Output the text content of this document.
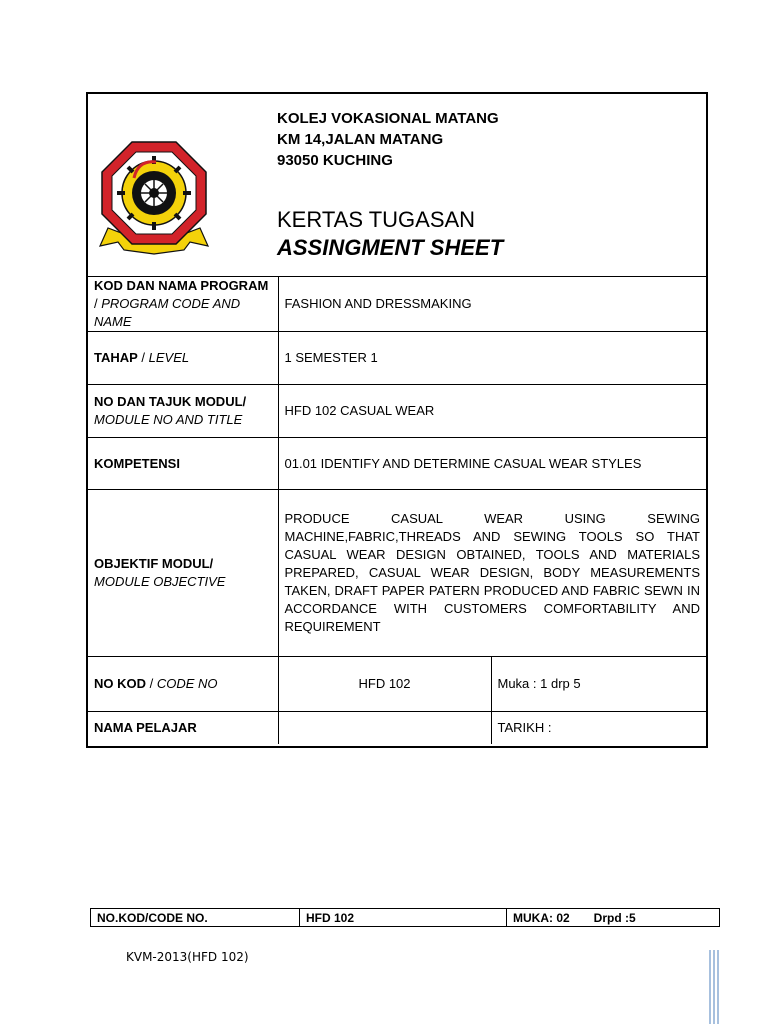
KOLEJ VOKASIONAL MATANG
KM 14,JALAN MATANG
93050 KUCHING
KERTAS TUGASAN
ASSINGMENT SHEET
KOD DAN NAMA PROGRAM / PROGRAM CODE AND NAME	FASHION AND DRESSMAKING	
TAHAP / LEVEL	1 SEMESTER 1	
NO DAN TAJUK MODUL/
MODULE NO AND TITLE	HFD 102 CASUAL WEAR	
KOMPETENSI	01.01 IDENTIFY AND DETERMINE CASUAL WEAR STYLES	
OBJEKTIF MODUL/
MODULE OBJECTIVE	PRODUCE CASUAL WEAR USING SEWING MACHINE,FABRIC,THREADS AND SEWING TOOLS SO THAT CASUAL WEAR DESIGN OBTAINED, TOOLS AND MATERIALS PREPARED, CASUAL WEAR DESIGN, BODY MEASUREMENTS TAKEN, DRAFT PAPER PATERN PRODUCED AND FABRIC SEWN IN ACCORDANCE WITH CUSTOMERS COMFORTABILITY AND REQUIREMENT	
NO KOD / CODE NO	HFD 102	Muka : 1 drp 5
NAMA PELAJAR		TARIKH :
NO.KOD/CODE NO.	HFD 102	MUKA: 02 Drpd :5
KVM-2013(HFD 102)
